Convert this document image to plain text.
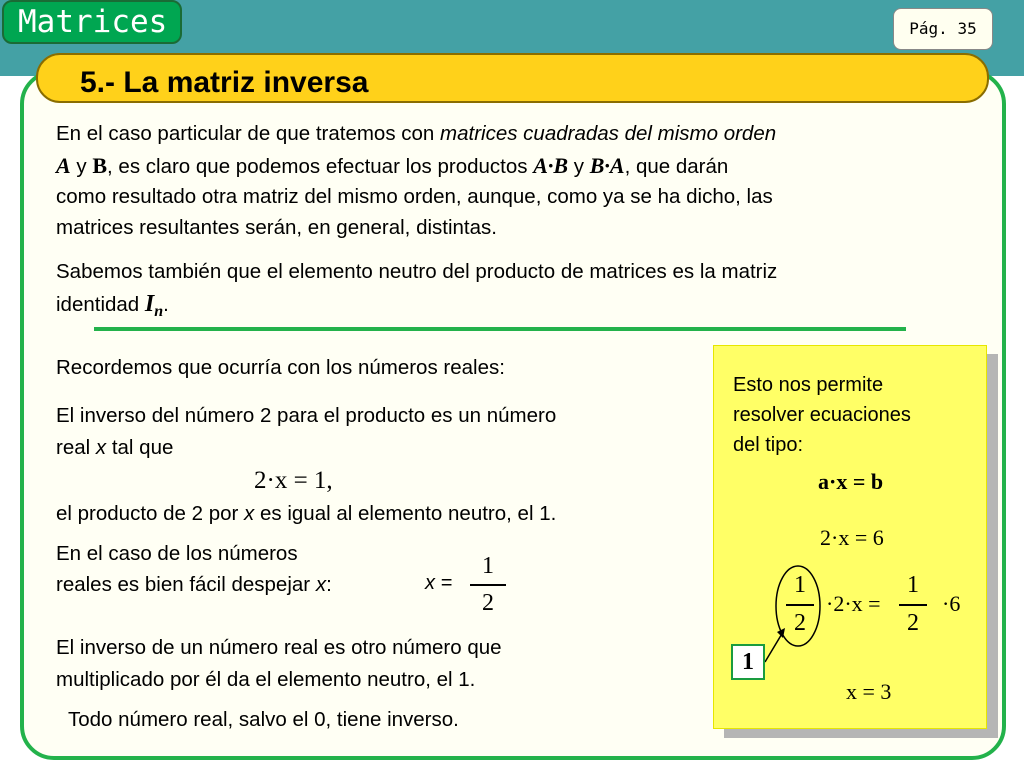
Matrices	Pág. 35
5.- La matriz inversa
En el caso particular de que tratemos con matrices cuadradas del mismo orden
A y B, es claro que podemos efectuar los productos A·B y B·A, que darán
como resultado otra matriz del mismo orden, aunque, como ya se ha dicho, las
matrices resultantes serán, en general, distintas.
Sabemos también que el elemento neutro del producto de matrices es la matriz
identidad $I_n$.
Recordemos que ocurría con los números reales:
El inverso del número 2 para el producto es un número
real x tal que
2·x = 1,
el producto de 2 por x es igual al elemento neutro, el 1.
En el caso de los números
reales es bien fácil despejar x:	x =
1
2
El inverso de un número real es otro número que
multiplicado por él da el elemento neutro, el 1.
Todo número real, salvo el 0, tiene inverso.
Esto nos permite
resolver ecuaciones
del tipo:
a·x = b
2·x = 6
1
2
·2·x =
1
2
·6
1
x = 3
